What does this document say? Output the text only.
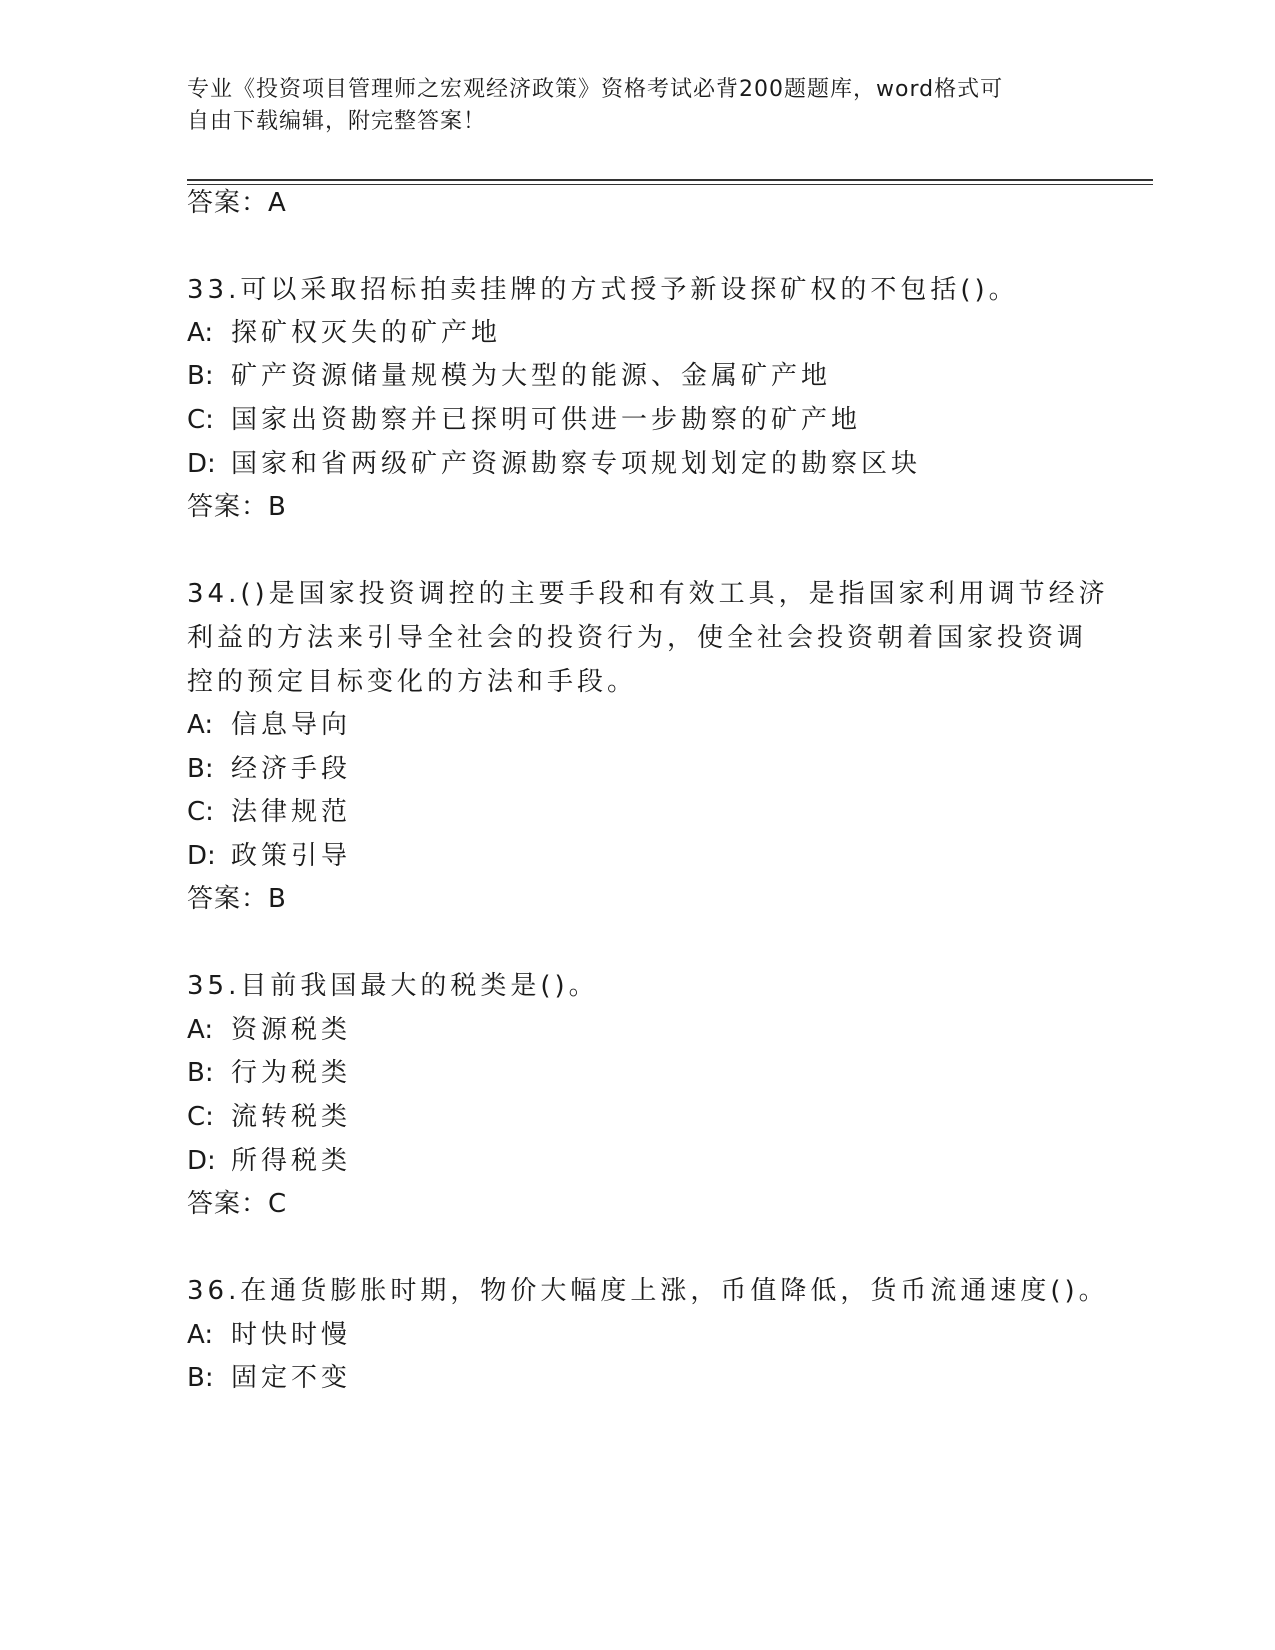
专业《投资项目管理师之宏观经济政策》资格考试必背200题题库，word格式可
自由下载编辑，附完整答案！
答案：A
33.可以采取招标拍卖挂牌的方式授予新设探矿权的不包括()。
A: 探矿权灭失的矿产地
B: 矿产资源储量规模为大型的能源、金属矿产地
C: 国家出资勘察并已探明可供进一步勘察的矿产地
D: 国家和省两级矿产资源勘察专项规划划定的勘察区块
答案：B
34.()是国家投资调控的主要手段和有效工具，是指国家利用调节经济
利益的方法来引导全社会的投资行为，使全社会投资朝着国家投资调
控的预定目标变化的方法和手段。
A: 信息导向
B: 经济手段
C: 法律规范
D: 政策引导
答案：B
35.目前我国最大的税类是()。
A: 资源税类
B: 行为税类
C: 流转税类
D: 所得税类
答案：C
36.在通货膨胀时期，物价大幅度上涨，币值降低，货币流通速度()。
A: 时快时慢
B: 固定不变
